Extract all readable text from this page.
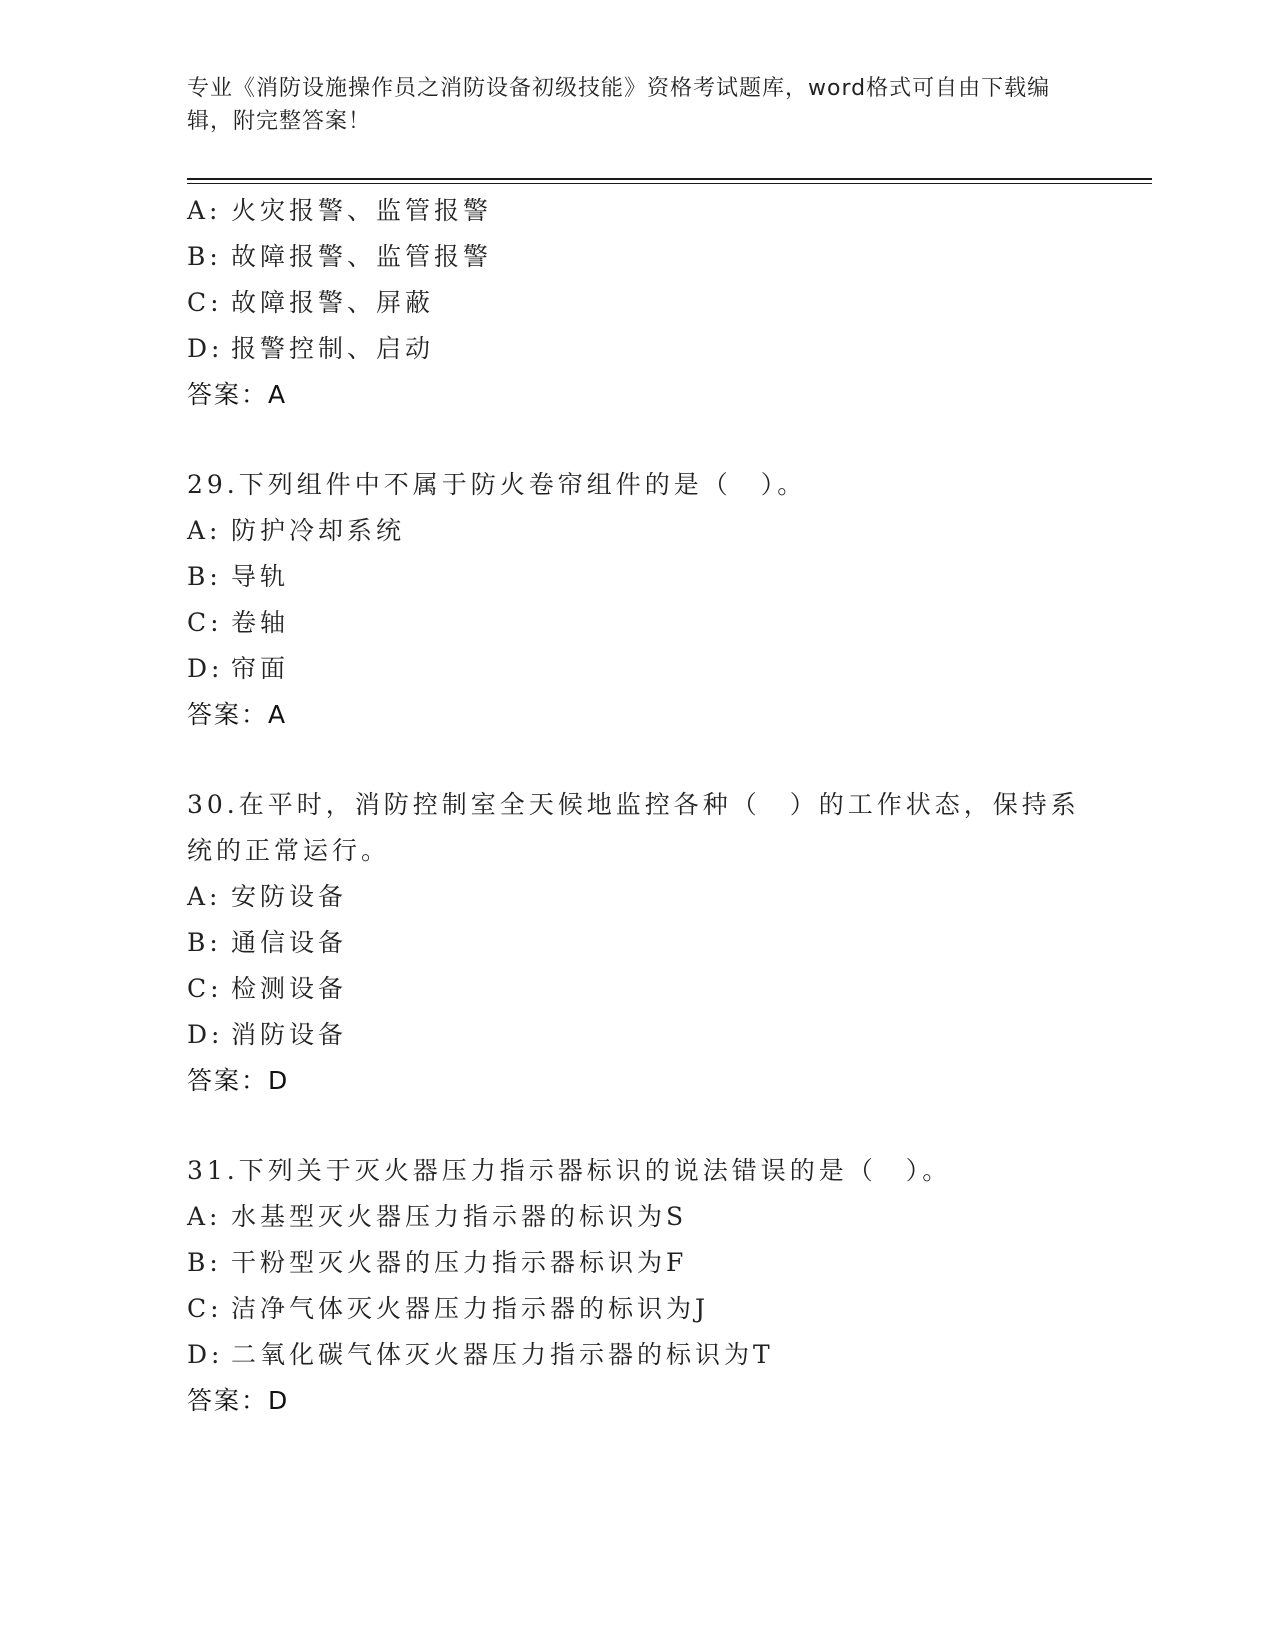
专业《消防设施操作员之消防设备初级技能》资格考试题库，word格式可自由下载编辑，附完整答案！
A: 火灾报警、监管报警
B: 故障报警、监管报警
C: 故障报警、屏蔽
D: 报警控制、启动
答案：A
29.下列组件中不属于防火卷帘组件的是（　）。
A: 防护冷却系统
B: 导轨
C: 卷轴
D: 帘面
答案：A
30.在平时，消防控制室全天候地监控各种（　）的工作状态，保持系
统的正常运行。
A: 安防设备
B: 通信设备
C: 检测设备
D: 消防设备
答案：D
31.下列关于灭火器压力指示器标识的说法错误的是（　）。
A: 水基型灭火器压力指示器的标识为S
B: 干粉型灭火器的压力指示器标识为F
C: 洁净气体灭火器压力指示器的标识为J
D: 二氧化碳气体灭火器压力指示器的标识为T
答案：D
